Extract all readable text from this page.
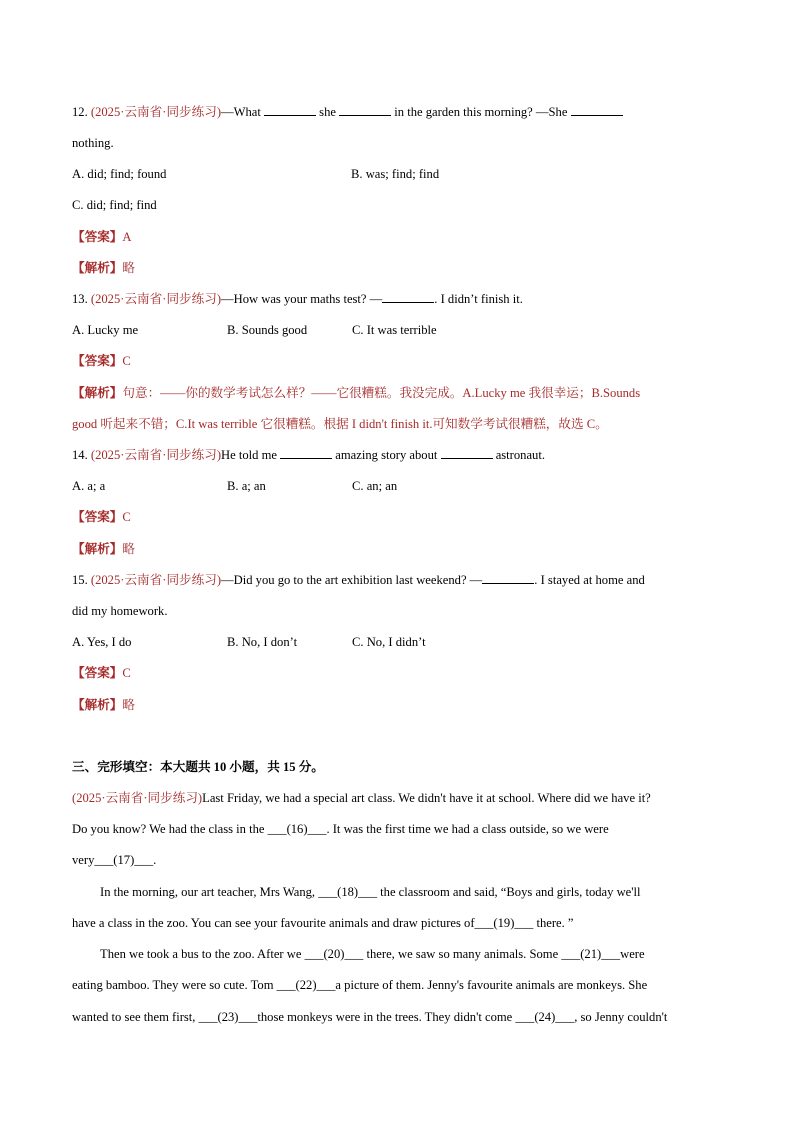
12. (2025·云南省·同步练习)—What	she	in the garden this morning? —She
nothing.
A. did; find; found	B. was; find; find
C. did; find; find
【答案】A
【解析】略
13. (2025·云南省·同步练习)—How was your maths test? —	. I didn’t finish it.
A. Lucky me	B. Sounds good	C. It was terrible
【答案】C
【解析】句意：——你的数学考试怎么样？——它很糟糕。我没完成。A.Lucky me 我很幸运；B.Sounds
good 听起来不错；C.It was terrible 它很糟糕。根据 I didn't finish it.可知数学考试很糟糕，故选 C。
14. (2025·云南省·同步练习)He told me	amazing story about	astronaut.
A. a; a	B. a; an	C. an; an
【答案】C
【解析】略
15. (2025·云南省·同步练习)—Did you go to the art exhibition last weekend? —	. I stayed at home and
did my homework.
A. Yes, I do	B. No, I don’t	C. No, I didn’t
【答案】C
【解析】略
三、完形填空：本大题共 10 小题，共 15 分。
(2025·云南省·同步练习)Last Friday, we had a special art class. We didn't have it at school. Where did we have it?
Do you know? We had the class in the ___(16)___. It was the first time we had a class outside, so we were
very___(17)___.
In the morning, our art teacher, Mrs Wang, ___(18)___ the classroom and said, “Boys and girls, today we'll
have a class in the zoo. You can see your favourite animals and draw pictures of___(19)___ there. ”
Then we took a bus to the zoo. After we ___(20)___ there, we saw so many animals. Some ___(21)___were
eating bamboo. They were so cute. Tom ___(22)___a picture of them. Jenny's favourite animals are monkeys. She
wanted to see them first, ___(23)___those monkeys were in the trees. They didn't come ___(24)___, so Jenny couldn't
